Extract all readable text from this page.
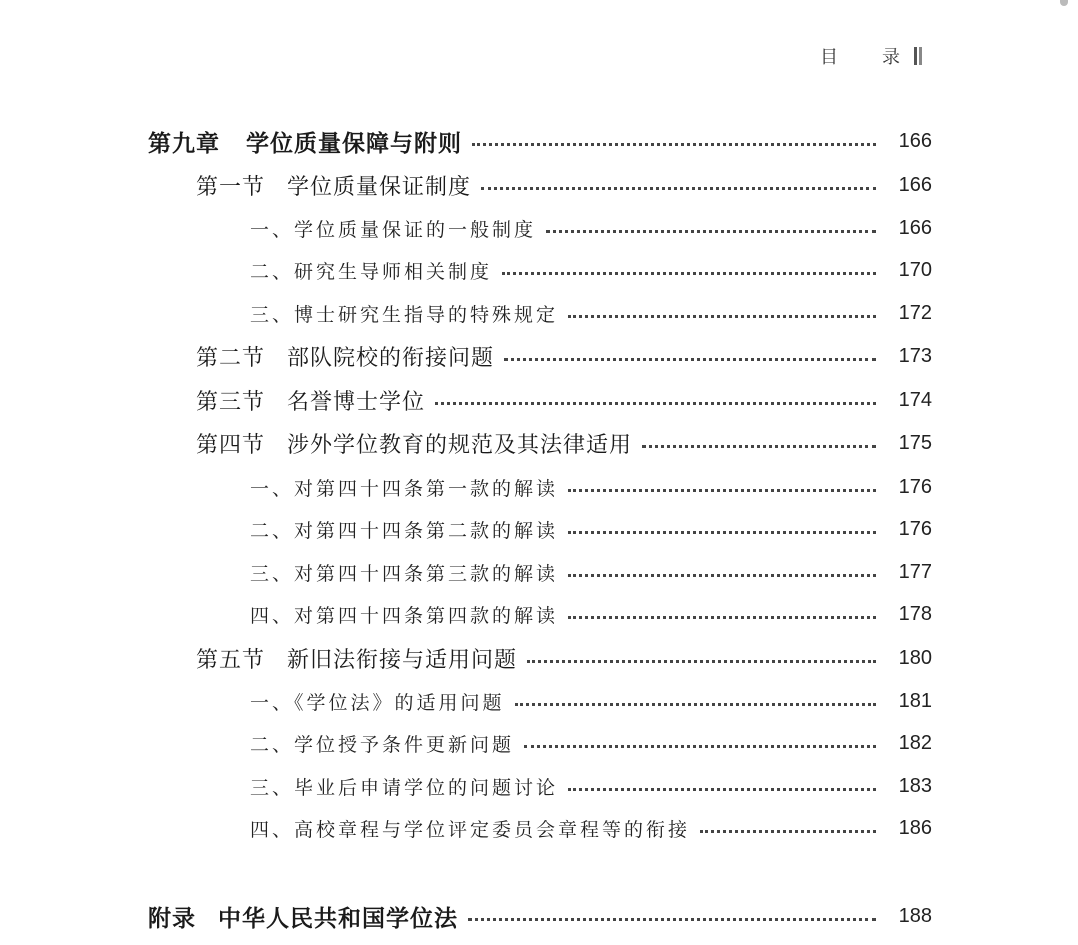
目 录
第九章 学位质量保障与附则	166
第一节 学位质量保证制度	166
一、学位质量保证的一般制度	166
二、研究生导师相关制度	170
三、博士研究生指导的特殊规定	172
第二节 部队院校的衔接问题	173
第三节 名誉博士学位	174
第四节 涉外学位教育的规范及其法律适用	175
一、对第四十四条第一款的解读	176
二、对第四十四条第二款的解读	176
三、对第四十四条第三款的解读	177
四、对第四十四条第四款的解读	178
第五节 新旧法衔接与适用问题	180
一、《学位法》的适用问题	181
二、学位授予条件更新问题	182
三、毕业后申请学位的问题讨论	183
四、高校章程与学位评定委员会章程等的衔接	186
附录 中华人民共和国学位法	188
